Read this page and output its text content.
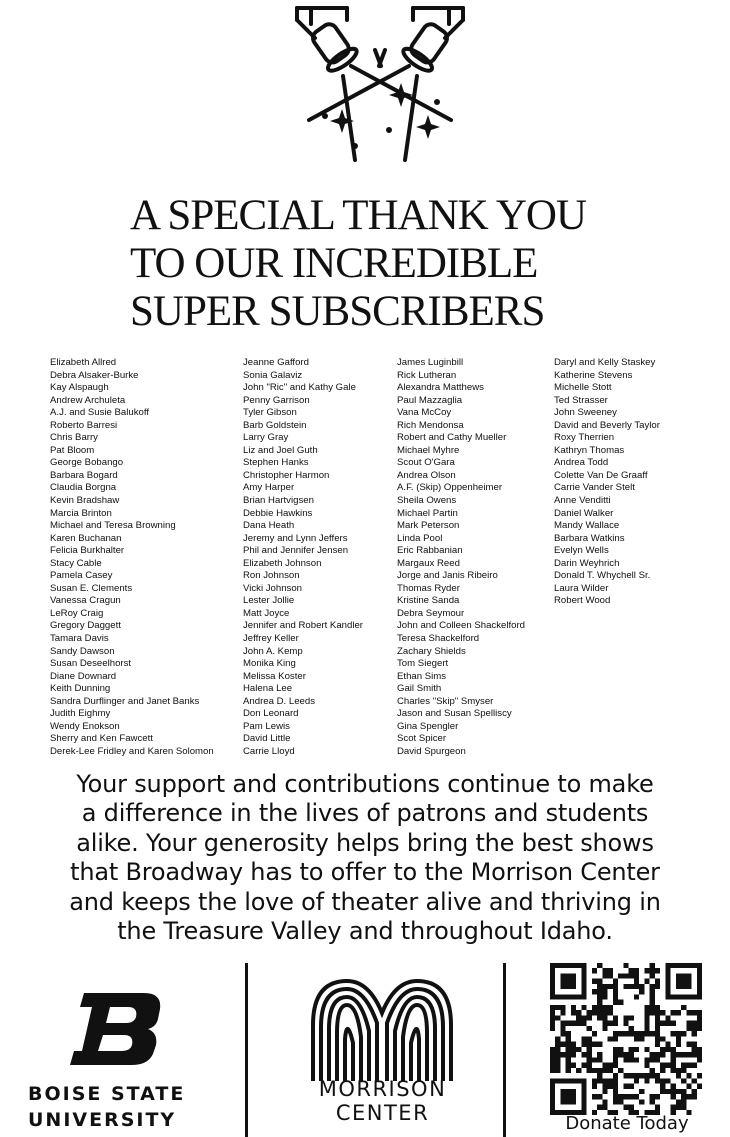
A SPECIAL THANK YOU
TO OUR INCREDIBLE
SUPER SUBSCRIBERS
Elizabeth Allred
Debra Alsaker-Burke
Kay Alspaugh
Andrew Archuleta
A.J. and Susie Balukoff
Roberto Barresi
Chris Barry
Pat Bloom
George Bobango
Barbara Bogard
Claudia Borgna
Kevin Bradshaw
Marcia Brinton
Michael and Teresa Browning
Karen Buchanan
Felicia Burkhalter
Stacy Cable
Pamela Casey
Susan E. Clements
Vanessa Cragun
LeRoy Craig
Gregory Daggett
Tamara Davis
Sandy Dawson
Susan Deseelhorst
Diane Downard
Keith Dunning
Sandra Durflinger and Janet Banks
Judith Eighmy
Wendy Enokson
Sherry and Ken Fawcett
Derek-Lee Fridley and Karen Solomon
Jeanne Gafford
Sonia Galaviz
John "Ric" and Kathy Gale
Penny Garrison
Tyler Gibson
Barb Goldstein
Larry Gray
Liz and Joel Guth
Stephen Hanks
Christopher Harmon
Amy Harper
Brian Hartvigsen
Debbie Hawkins
Dana Heath
Jeremy and Lynn Jeffers
Phil and Jennifer Jensen
Elizabeth Johnson
Ron Johnson
Vicki Johnson
Lester Jollie
Matt Joyce
Jennifer and Robert Kandler
Jeffrey Keller
John A. Kemp
Monika King
Melissa Koster
Halena Lee
Andrea D. Leeds
Don Leonard
Pam Lewis
David Little
Carrie Lloyd
James Luginbill
Rick Lutheran
Alexandra Matthews
Paul Mazzaglia
Vana McCoy
Rich Mendonsa
Robert and Cathy Mueller
Michael Myhre
Scout O'Gara
Andrea Olson
A.F. (Skip) Oppenheimer
Sheila Owens
Michael Partin
Mark Peterson
Linda Pool
Eric Rabbanian
Margaux Reed
Jorge and Janis Ribeiro
Thomas Ryder
Kristine Sanda
Debra Seymour
John and Colleen Shackelford
Teresa Shackelford
Zachary Shields
Tom Siegert
Ethan Sims
Gail Smith
Charles "Skip" Smyser
Jason and Susan Spelliscy
Gina Spengler
Scot Spicer
David Spurgeon
Daryl and Kelly Staskey
Katherine Stevens
Michelle Stott
Ted Strasser
John Sweeney
David and Beverly Taylor
Roxy Therrien
Kathryn Thomas
Andrea Todd
Colette Van De Graaff
Carrie Vander Stelt
Anne Venditti
Daniel Walker
Mandy Wallace
Barbara Watkins
Evelyn Wells
Darin Weyhrich
Donald T. Whychell Sr.
Laura Wilder
Robert Wood

Your support and contributions continue to make
a difference in the lives of patrons and students
alike. Your generosity helps bring the best shows
that Broadway has to offer to the Morrison Center
and keeps the love of theater alive and thriving in
the Treasure Valley and throughout Idaho.

BOISE STATE
UNIVERSITY
MORRISON
CENTER	Donate Today
